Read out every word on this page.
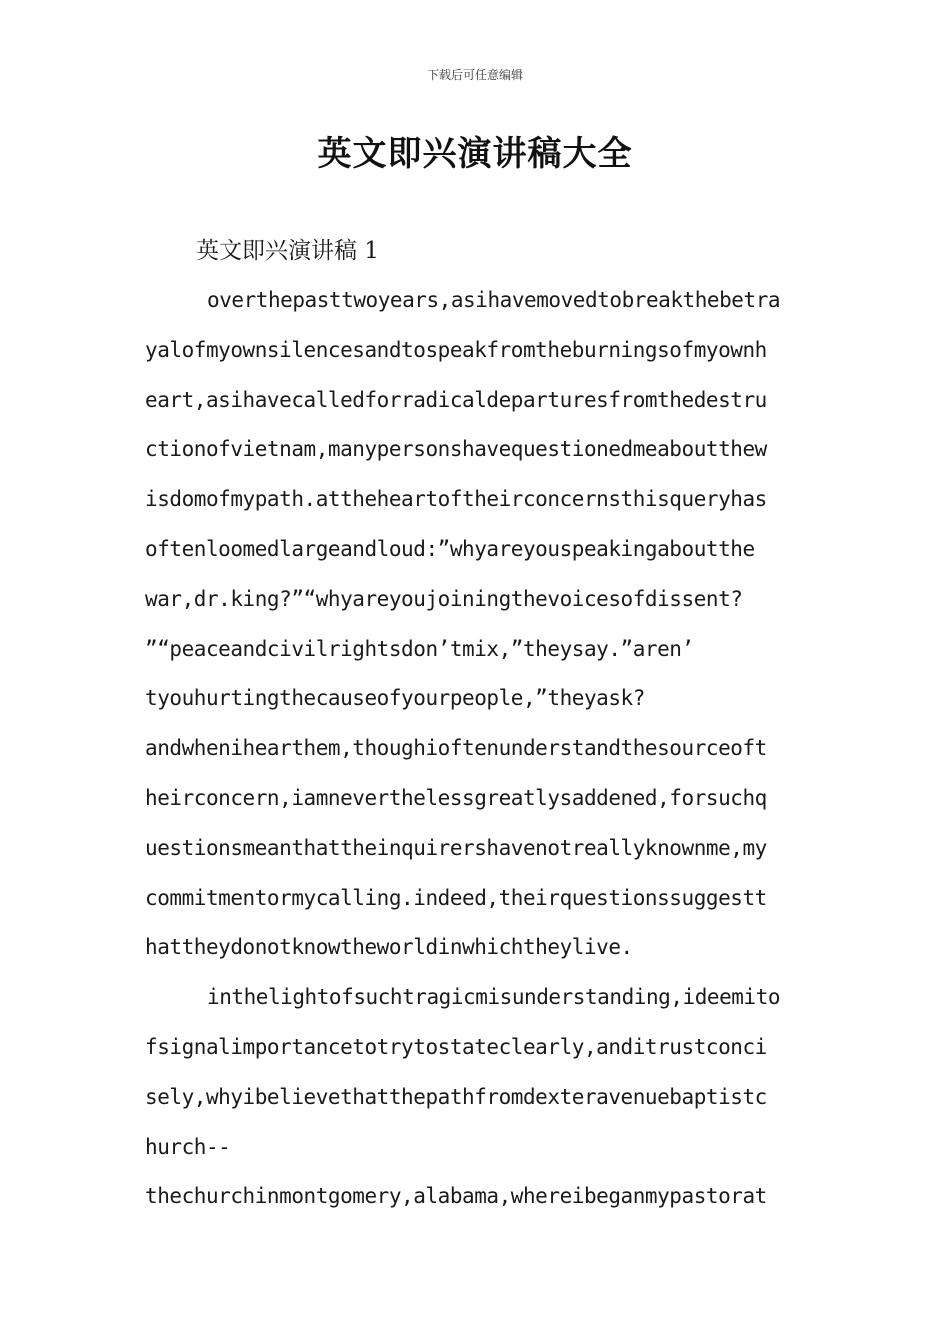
下载后可任意编辑
英文即兴演讲稿大全
英文即兴演讲稿 1
overthepasttwoyears,asihavemovedtobreakthebetra
yalofmyownsilencesandtospeakfromtheburningsofmyownh
eart,asihavecalledforradicaldeparturesfromthedestru
ctionofvietnam,manypersonshavequestionedmeaboutthew
isdomofmypath.attheheartoftheirconcernsthisqueryhas
oftenloomedlargeandloud:”whyareyouspeakingaboutthe
war,dr.king?”“whyareyoujoiningthevoicesofdissent?
”“peaceandcivilrightsdon’tmix,”theysay.”aren’
tyouhurtingthecauseofyourpeople,”theyask?
andwhenihearthem,thoughioftenunderstandthesourceoft
heirconcern,iamneverthelessgreatlysaddened,forsuchq
uestionsmeanthattheinquirershavenotreallyknownme,my
commitmentormycalling.indeed,theirquestionssuggestt
hattheydonotknowtheworldinwhichtheylive.
inthelightofsuchtragicmisunderstanding,ideemito
fsignalimportancetotrytostateclearly,anditrustconci
sely,whyibelievethatthepathfromdexteravenuebaptistc
hurch--
thechurchinmontgomery,alabama,whereibeganmypastorat
